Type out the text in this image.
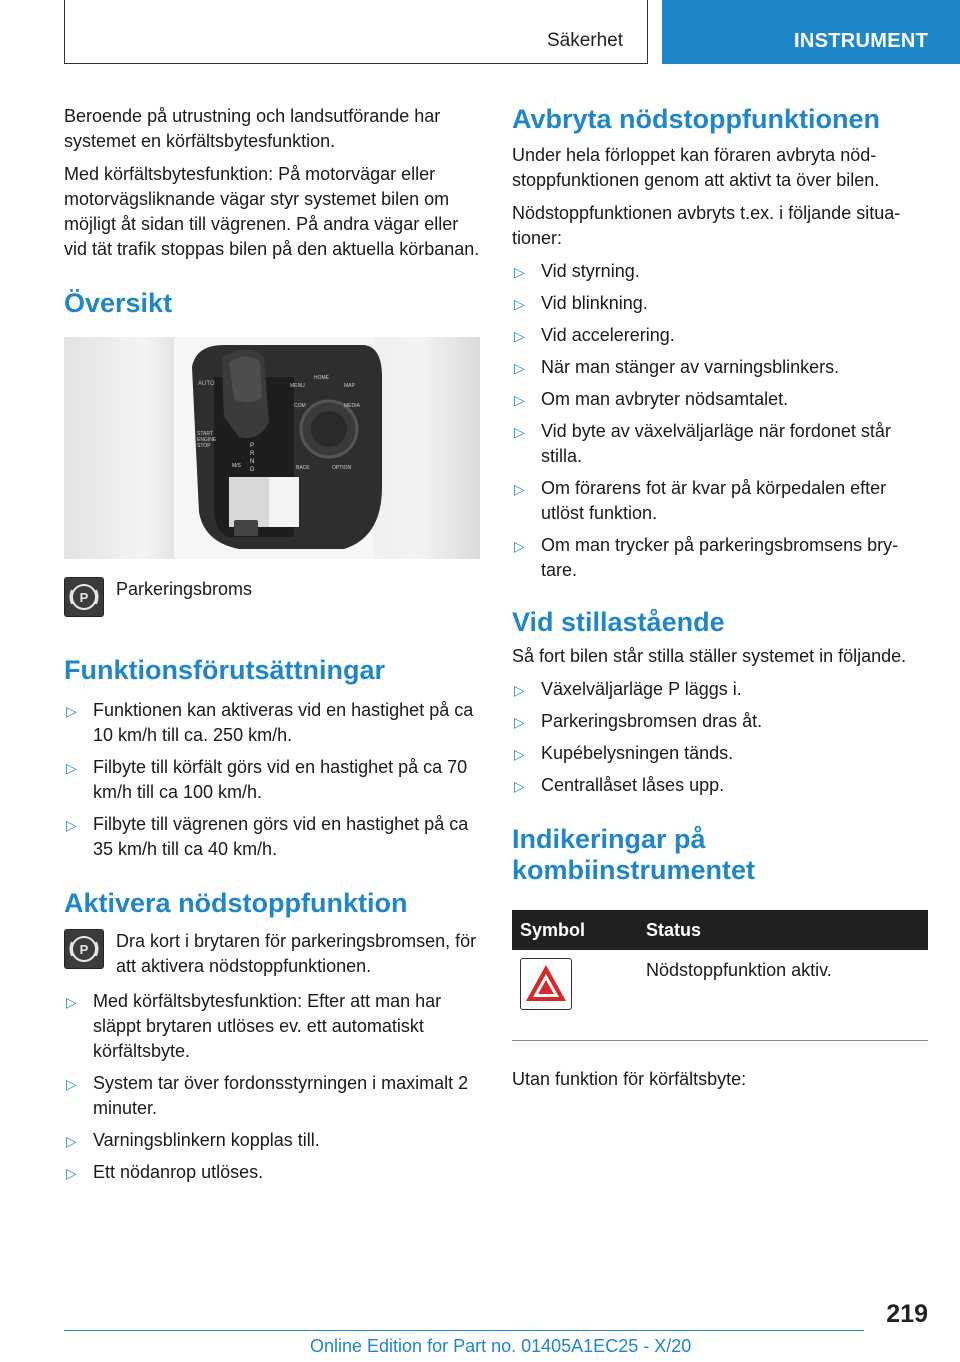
Säkerhet	INSTRUMENT

Beroende på utrustning och landsutförande har systemet en körfältsbytesfunktion.

Med körfältsbytesfunktion: På motorvägar eller motorvägsliknande vägar styr systemet bilen om möjligt åt sidan till vägrenen. På andra vägar eller vid tät trafik stoppas bilen på den aktuella körbanan.

Översikt
AUTO
START
ENGINE
STOP
MENU
HOME
MAP
COM	MEDIA
BACK	OPTION
P
R
N
D
M/S
P Parkeringsbroms
Funktionsförutsättningar
▷ Funktionen kan aktiveras vid en hastighet på ca 10 km/h till ca. 250 km/h.
▷ Filbyte till körfält görs vid en hastighet på ca 70 km/h till ca 100 km/h.
▷ Filbyte till vägrenen görs vid en hastighet på ca 35 km/h till ca 40 km/h.
Aktivera nödstoppfunktion
P Dra kort i brytaren för parkeringsbromsen, för att aktivera nödstoppfunktionen.
▷ Med körfältsbytesfunktion: Efter att man har släppt brytaren utlöses ev. ett automatiskt körfältsbyte.
▷ System tar över fordonsstyrningen i maximalt 2 minuter.
▷ Varningsblinkern kopplas till.
▷ Ett nödanrop utlöses.
Avbryta nödstoppfunktionen

Under hela förloppet kan föraren avbryta nödstoppfunktionen genom att aktivt ta över bilen.

Nödstoppfunktionen avbryts t.ex. i följande situationer:

▷ Vid styrning.
▷ Vid blinkning.
▷ Vid accelerering.
▷ När man stänger av varningsblinkers.
▷ Om man avbryter nödsamtalet.
▷ Vid byte av växelväljarläge när fordonet står stilla.
▷ Om förarens fot är kvar på körpedalen efter utlöst funktion.
▷ Om man trycker på parkeringsbromsens brytare.
Vid stillastående

Så fort bilen står stilla ställer systemet in följande.

▷ Växelväljarläge P läggs i.
▷ Parkeringsbromsen dras åt.
▷ Kupébelysningen tänds.
▷ Centrallåset låses upp.
Indikeringar på
kombiinstrumentet
Symbol	Status

	Nödstoppfunktion aktiv.

Utan funktion för körfältsbyte:

219
Online Edition for Part no. 01405A1EC25 - X/20
